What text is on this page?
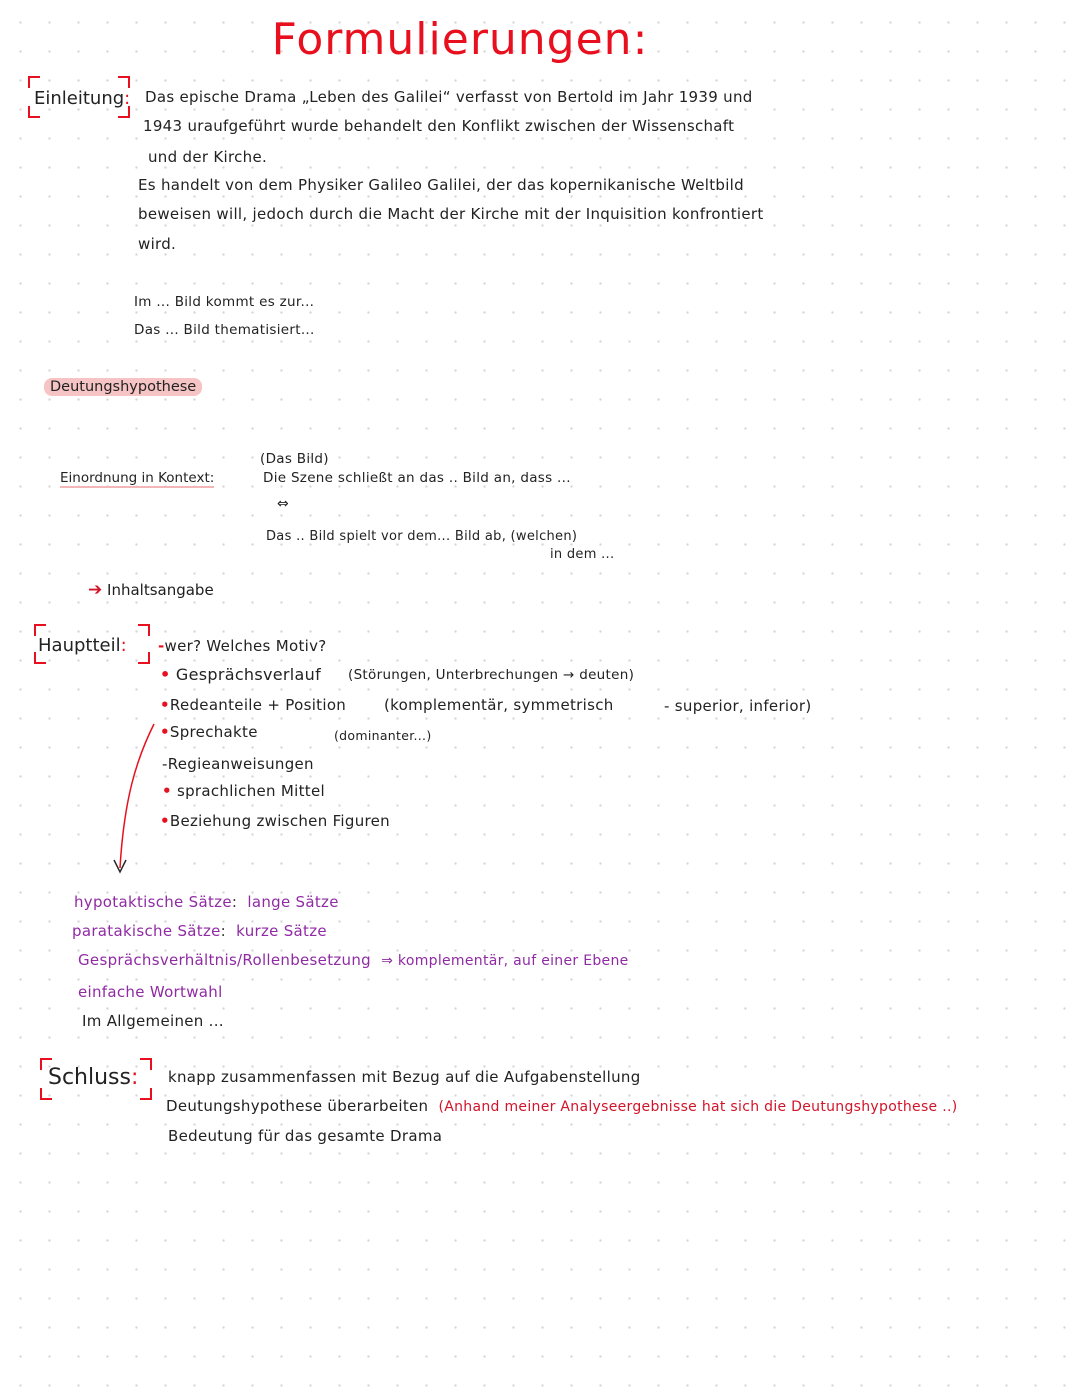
Formulierungen:
Einleitung: Das epische Drama „Leben des Galilei“ verfasst von Bertold im Jahr 1939 und
1943 uraufgeführt wurde behandelt den Konflikt zwischen der Wissenschaft
und der Kirche.
Es handelt von dem Physiker Galileo Galilei, der das kopernikanische Weltbild
beweisen will, jedoch durch die Macht der Kirche mit der Inquisition konfrontiert
wird.
Im ... Bild kommt es zur...
Das ... Bild thematisiert...
Deutungshypothese
(Das Bild)
Einordnung in Kontext:	Die Szene schließt an das .. Bild an, dass ...
⇔
Das .. Bild spielt vor dem... Bild ab, (welchen)
in dem ...
➔ Inhaltsangabe
Hauptteil: -wer? Welches Motiv?
• Gesprächsverlauf (Störungen, Unterbrechungen → deuten)
•Redeanteile + Position	(komplementär, symmetrisch	- superior, inferior)
•Sprechakte	(dominanter...)
-Regieanweisungen
• sprachlichen Mittel
•Beziehung zwischen Figuren
hypotaktische Sätze: lange Sätze
paratakische Sätze: kurze Sätze
Gesprächsverhältnis/Rollenbesetzung ⇒ komplementär, auf einer Ebene
einfache Wortwahl
Im Allgemeinen ...
Schluss: knapp zusammenfassen mit Bezug auf die Aufgabenstellung
Deutungshypothese überarbeiten (Anhand meiner Analyseergebnisse hat sich die Deutungshypothese ..)
Bedeutung für das gesamte Drama
